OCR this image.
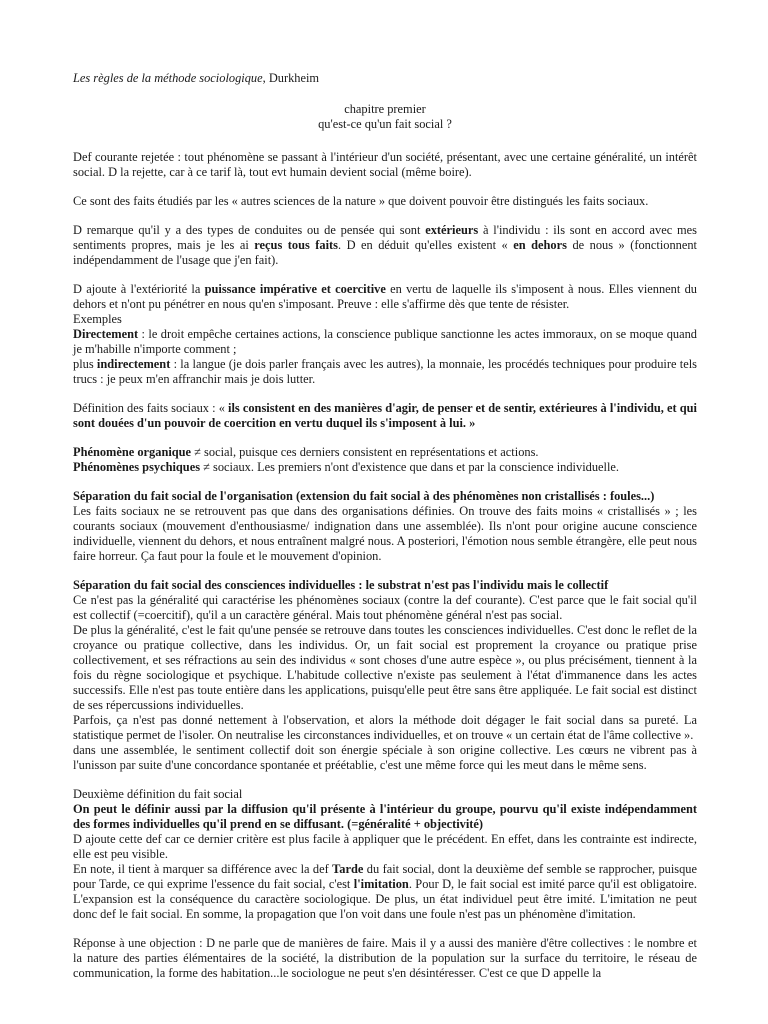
Les règles de la méthode sociologique, Durkheim

chapitre premier
qu'est-ce qu'un fait social ?

Def courante rejetée : tout phénomène se passant à l'intérieur d'un société, présentant, avec une certaine généralité, un intérêt social. D la rejette, car à ce tarif là, tout evt humain devient social (même boire).

Ce sont des faits étudiés par les « autres sciences de la nature » que doivent pouvoir être distingués les faits sociaux.

D remarque qu'il y a des types de conduites ou de pensée qui sont extérieurs à l'individu : ils sont en accord avec mes sentiments propres, mais je les ai reçus tous faits. D en déduit qu'elles existent « en dehors de nous » (fonctionnent indépendamment de l'usage que j'en fait).

D ajoute à l'extériorité la puissance impérative et coercitive en vertu de laquelle ils s'imposent à nous. Elles viennent du dehors et n'ont pu pénétrer en nous qu'en s'imposant. Preuve : elle s'affirme dès que tente de résister.

Exemples

Directement : le droit empêche certaines actions, la conscience publique sanctionne les actes immoraux, on se moque quand je m'habille n'importe comment ;

plus indirectement : la langue (je dois parler français avec les autres), la monnaie, les procédés techniques pour produire tels trucs : je peux m'en affranchir mais je dois lutter.

Définition des faits sociaux : « ils consistent en des manières d'agir, de penser et de sentir, extérieures à l'individu, et qui sont douées d'un pouvoir de coercition en vertu duquel ils s'imposent à lui. »

Phénomène organique ≠ social, puisque ces derniers consistent en représentations et actions.

Phénomènes psychiques ≠ sociaux. Les premiers n'ont d'existence que dans et par la conscience individuelle.

Séparation du fait social de l'organisation (extension du fait social à des phénomènes non cristallisés : foules...)

Les faits sociaux ne se retrouvent pas que dans des organisations définies. On trouve des faits moins « cristallisés » ; les courants sociaux (mouvement d'enthousiasme/ indignation dans une assemblée). Ils n'ont pour origine aucune conscience individuelle, viennent du dehors, et nous entraînent malgré nous. A posteriori, l'émotion nous semble étrangère, elle peut nous faire horreur. Ça faut pour la foule et le mouvement d'opinion.

Séparation du fait social des consciences individuelles : le substrat n'est pas l'individu mais le collectif

Ce n'est pas la généralité qui caractérise les phénomènes sociaux (contre la def courante). C'est parce que le fait social qu'il est collectif (=coercitif), qu'il a un caractère général. Mais tout phénomène général n'est pas social.

De plus la généralité, c'est le fait qu'une pensée se retrouve dans toutes les consciences individuelles. C'est donc le reflet de la croyance ou pratique collective, dans les individus. Or, un fait social est proprement la croyance ou pratique prise collectivement, et ses réfractions au sein des individus « sont choses d'une autre espèce », ou plus précisément, tiennent à la fois du règne sociologique et psychique. L'habitude collective n'existe pas seulement à l'état d'immanence dans les actes successifs. Elle n'est pas toute entière dans les applications, puisqu'elle peut être sans être appliquée. Le fait social est distinct de ses répercussions individuelles.

Parfois, ça n'est pas donné nettement à l'observation, et alors la méthode doit dégager le fait social dans sa pureté. La statistique permet de l'isoler. On neutralise les circonstances individuelles, et on trouve « un certain état de l'âme collective ».

dans une assemblée, le sentiment collectif doit son énergie spéciale à son origine collective. Les cœurs ne vibrent pas à l'unisson par suite d'une concordance spontanée et préétablie, c'est une même force qui les meut dans le même sens.

Deuxième définition du fait social

On peut le définir aussi par la diffusion qu'il présente à l'intérieur du groupe, pourvu qu'il existe indépendamment des formes individuelles qu'il prend en se diffusant. (=généralité + objectivité)

D ajoute cette def car ce dernier critère est plus facile à appliquer que le précédent. En effet, dans les contrainte est indirecte, elle est peu visible.

En note, il tient à marquer sa différence avec la def Tarde du fait social, dont la deuxième def semble se rapprocher, puisque pour Tarde, ce qui exprime l'essence du fait social, c'est l'imitation. Pour D, le fait social est imité parce qu'il est obligatoire. L'expansion est la conséquence du caractère sociologique. De plus, un état individuel peut être imité. L'imitation ne peut donc def le fait social. En somme, la propagation que l'on voit dans une foule n'est pas un phénomène d'imitation.

Réponse à une objection : D ne parle que de manières de faire. Mais il y a aussi des manière d'être collectives : le nombre et la nature des parties élémentaires de la société, la distribution de la population sur la surface du territoire, le réseau de communication, la forme des habitation...le sociologue ne peut s'en désintéresser. C'est ce que D appelle la
